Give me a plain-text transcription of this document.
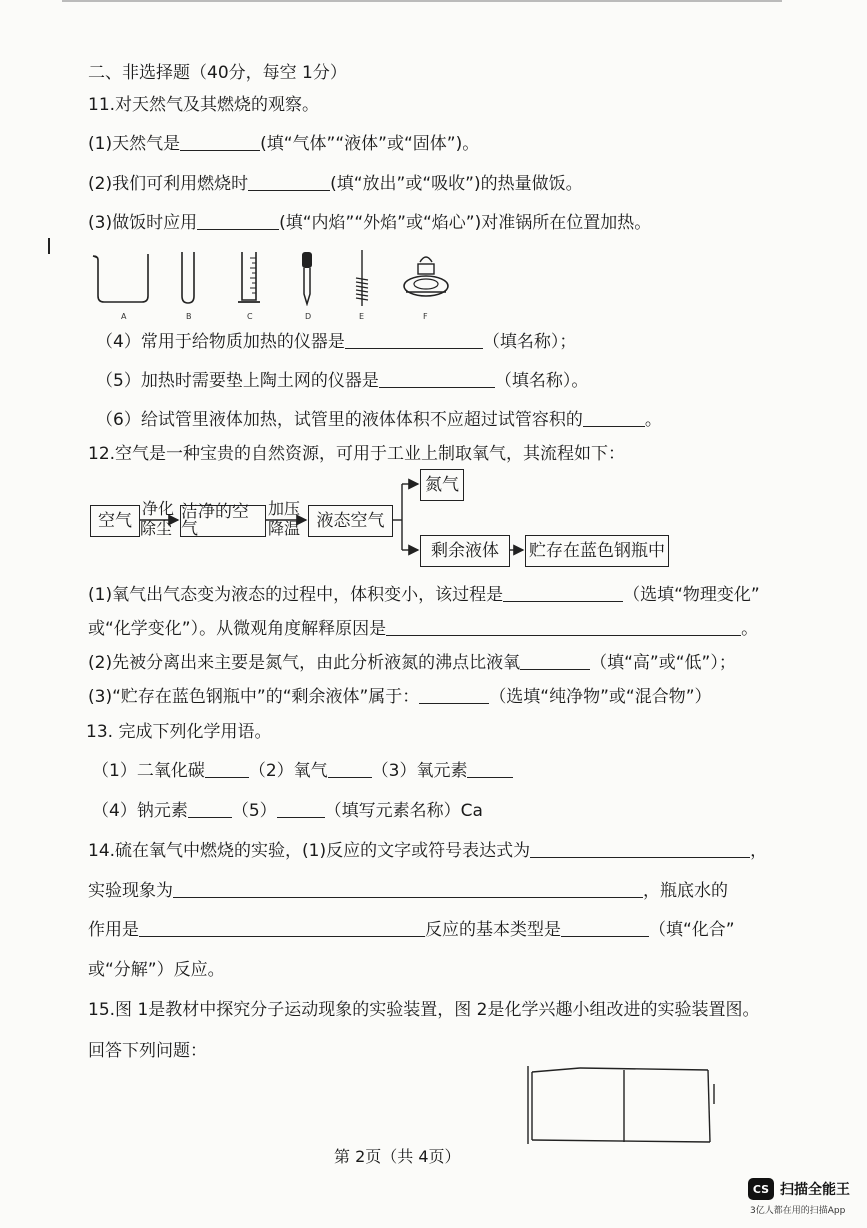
二、非选择题（40分，每空 1分）
11.对天然气及其燃烧的观察。
(1)天然气是	(填“气体”“液体”或“固体”)。
(2)我们可利用燃烧时	(填“放出”或“吸收”)的热量做饭。
(3)做饭时应用	(填“内焰”“外焰”或“焰心”)对准锅所在位置加热。
A	B	C	D	E	F
（4）常用于给物质加热的仪器是	（填名称）；
（5）加热时需要垫上陶土网的仪器是	（填名称）。
（6）给试管里液体加热，试管里的液体体积不应超过试管容积的	。
12.空气是一种宝贵的自然资源，可用于工业上制取氧气，其流程如下：
空气
净化
除尘
洁净的空气
加压
降温 液态空气
氮气
剩余液体	贮存在蓝色钢瓶中
(1)氧气出气态变为液态的过程中，体积变小，该过程是	（选填“物理变化”
或“化学变化”）。从微观角度解释原因是	。
(2)先被分离出来主要是氮气，由此分析液氮的沸点比液氧	（填“高”或“低”）；
(3)“贮存在蓝色钢瓶中”的“剩余液体”属于：	（选填“纯净物”或“混合物”）
13. 完成下列化学用语。
（1）二氧化碳	（2）氧气	（3）氧元素
（4）钠元素	（5）	（填写元素名称）Ca
14.硫在氧气中燃烧的实验，(1)反应的文字或符号表达式为	，
实验现象为	，瓶底水的
作用是	反应的基本类型是	（填“化合”
或“分解”）反应。
15.图 1是教材中探究分子运动现象的实验装置，图 2是化学兴趣小组改进的实验装置图。
回答下列问题：
第 2页（共 4页）
CS 扫描全能王
3亿人都在用的扫描App
